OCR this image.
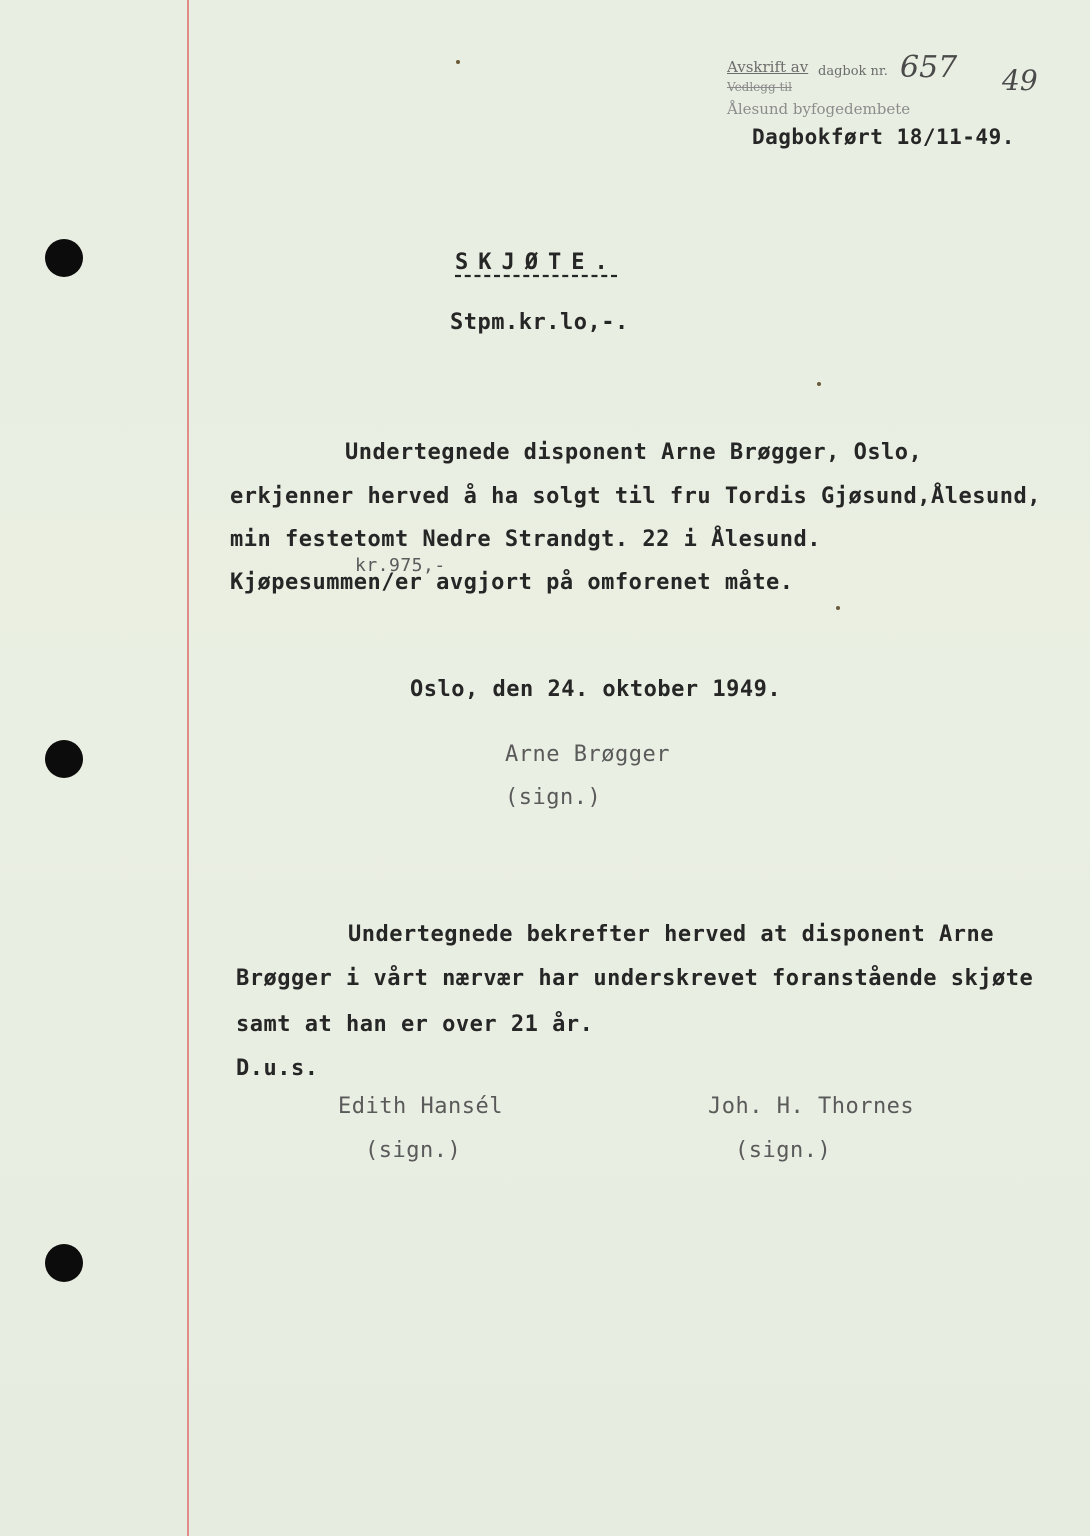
Avskrift av dagbok nr.
Vedlegg til
Ålesund byfogedembete
657 49
Dagbokført 18/11-49.
SKJØTE.
Stpm.kr.lo,-.
Undertegnede disponent Arne Brøgger, Oslo,
erkjenner herved å ha solgt til fru Tordis Gjøsund,Ålesund,
min festetomt Nedre Strandgt. 22 i Ålesund.
kr.975,-
Kjøpesummen/er avgjort på omforenet måte.
Oslo, den 24. oktober 1949.
Arne Brøgger
(sign.)
Undertegnede bekrefter herved at disponent Arne
Brøgger i vårt nærvær har underskrevet foranstående skjøte
samt at han er over 21 år.
D.u.s.
Edith Hansél
(sign.)
Joh. H. Thornes
(sign.)
